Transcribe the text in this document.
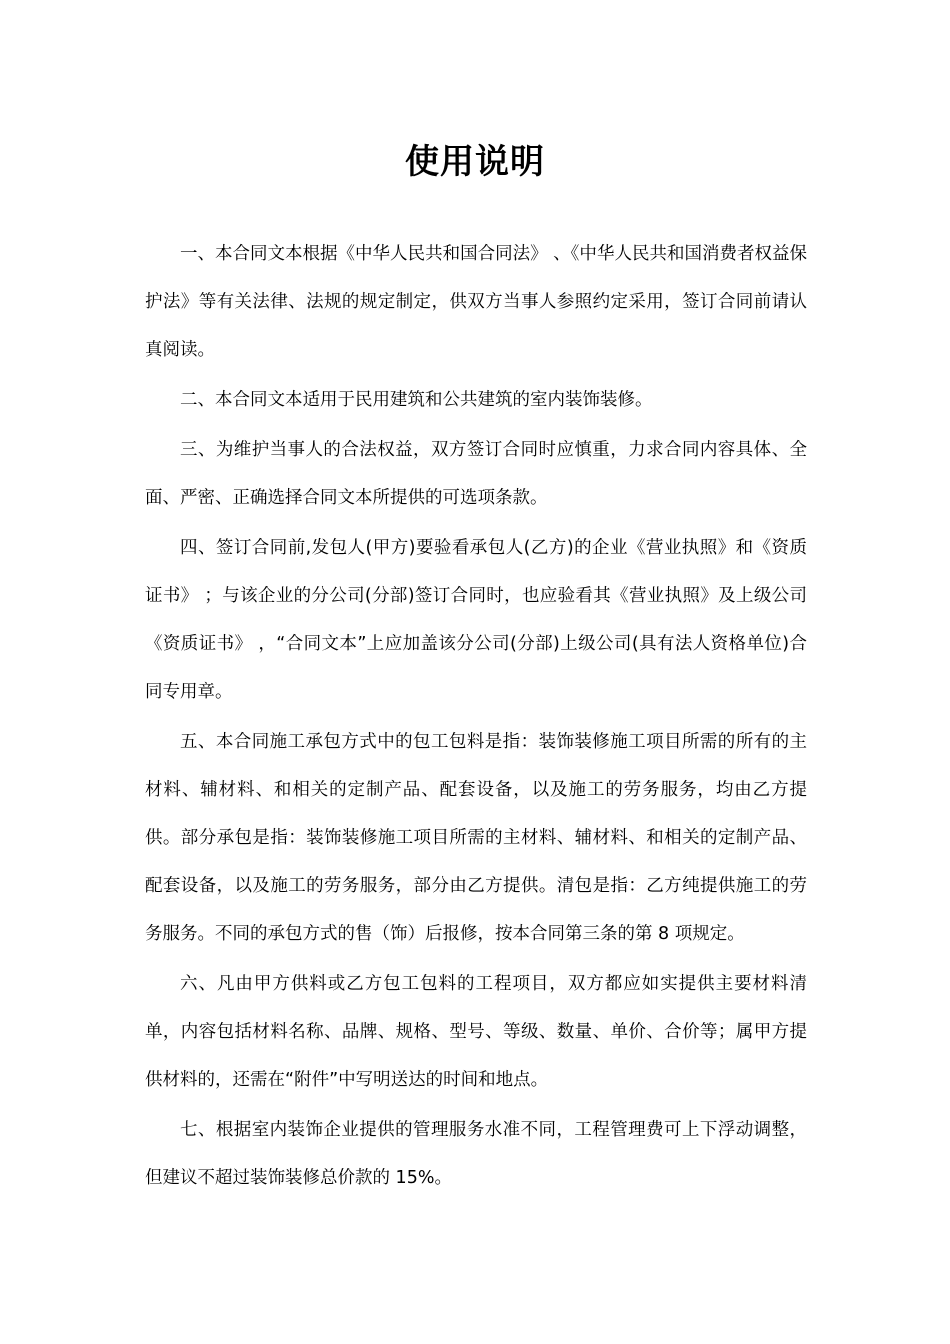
使用说明

一、本合同文本根据《中华人民共和国合同法》 、《中华人民共和国消费者权益保护法》等有关法律、法规的规定制定，供双方当事人参照约定采用，签订合同前请认真阅读。

二、本合同文本适用于民用建筑和公共建筑的室内装饰装修。

三、为维护当事人的合法权益，双方签订合同时应慎重，力求合同内容具体、全面、严密、正确选择合同文本所提供的可选项条款。

四、签订合同前,发包人(甲方)要验看承包人(乙方)的企业《营业执照》和《资质证书》 ；与该企业的分公司(分部)签订合同时，也应验看其《营业执照》及上级公司《资质证书》 ，“合同文本”上应加盖该分公司(分部)上级公司(具有法人资格单位)合同专用章。

五、本合同施工承包方式中的包工包料是指：装饰装修施工项目所需的所有的主材料、辅材料、和相关的定制产品、配套设备，以及施工的劳务服务，均由乙方提供。部分承包是指：装饰装修施工项目所需的主材料、辅材料、和相关的定制产品、配套设备，以及施工的劳务服务，部分由乙方提供。清包是指：乙方纯提供施工的劳务服务。不同的承包方式的售（饰）后报修，按本合同第三条的第 8 项规定。

六、凡由甲方供料或乙方包工包料的工程项目，双方都应如实提供主要材料清单，内容包括材料名称、品牌、规格、型号、等级、数量、单价、合价等；属甲方提供材料的，还需在“附件”中写明送达的时间和地点。

七、根据室内装饰企业提供的管理服务水准不同，工程管理费可上下浮动调整，但建议不超过装饰装修总价款的 15%。
